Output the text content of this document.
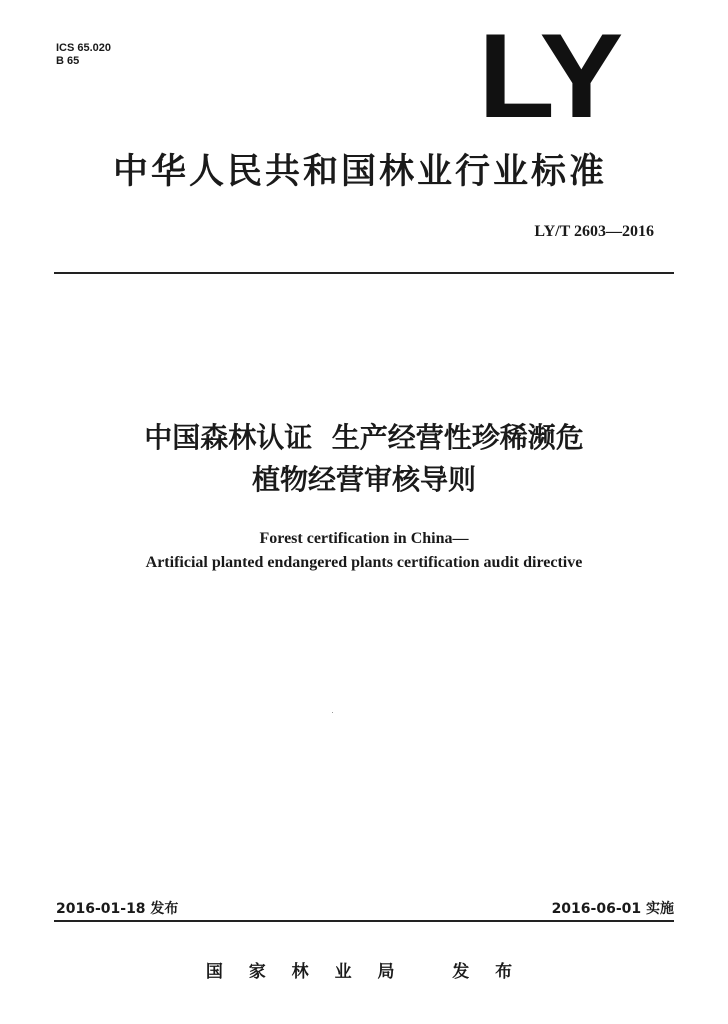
ICS 65.020
B 65	LY
中华人民共和国林业行业标准
LY/T 2603—2016
中国森林认证  生产经营性珍稀濒危
植物经营审核导则
Forest certification in China—
Artificial planted endangered plants certification audit directive
2016-01-18 发布	2016-06-01 实施
国 家 林 业 局   发 布
